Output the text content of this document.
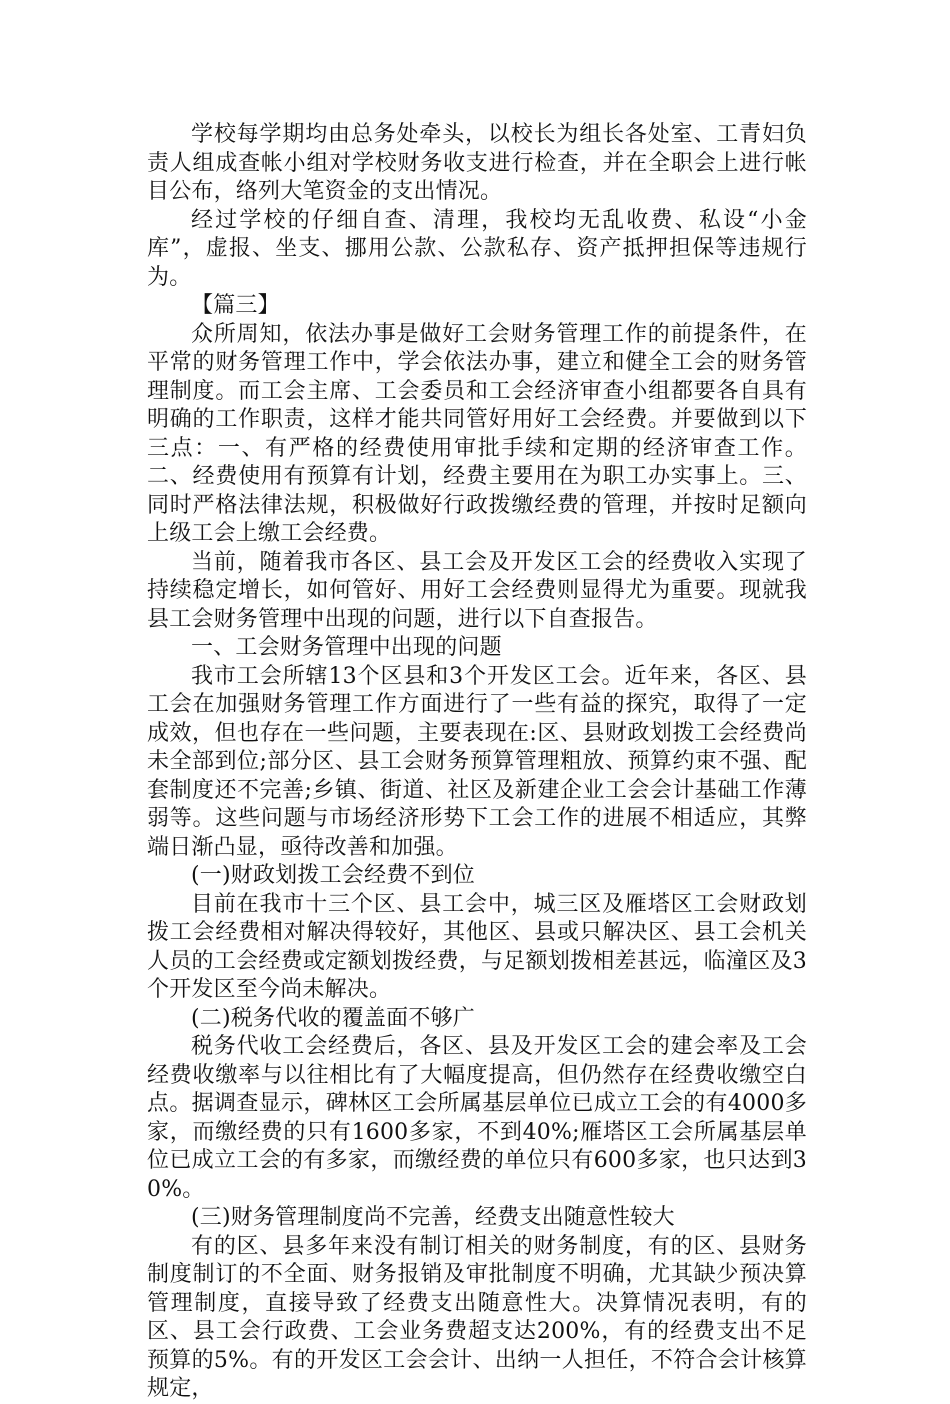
学校每学期均由总务处牵头，以校长为组长各处室、工青妇负责人组成查帐小组对学校财务收支进行检查，并在全职会上进行帐目公布，络列大笔资金的支出情况。

经过学校的仔细自查、清理，我校均无乱收费、私设“小金库”，虚报、坐支、挪用公款、公款私存、资产抵押担保等违规行为。

【篇三】

众所周知，依法办事是做好工会财务管理工作的前提条件，在平常的财务管理工作中，学会依法办事，建立和健全工会的财务管理制度。而工会主席、工会委员和工会经济审查小组都要各自具有明确的工作职责，这样才能共同管好用好工会经费。并要做到以下三点：一、有严格的经费使用审批手续和定期的经济审查工作。二、经费使用有预算有计划，经费主要用在为职工办实事上。三、同时严格法律法规，积极做好行政拨缴经费的管理，并按时足额向上级工会上缴工会经费。

当前，随着我市各区、县工会及开发区工会的经费收入实现了持续稳定增长，如何管好、用好工会经费则显得尤为重要。现就我县工会财务管理中出现的问题，进行以下自查报告。

一、工会财务管理中出现的问题

我市工会所辖13个区县和3个开发区工会。近年来，各区、县工会在加强财务管理工作方面进行了一些有益的探究，取得了一定成效，但也存在一些问题，主要表现在:区、县财政划拨工会经费尚未全部到位;部分区、县工会财务预算管理粗放、预算约束不强、配套制度还不完善;乡镇、街道、社区及新建企业工会会计基础工作薄弱等。这些问题与市场经济形势下工会工作的进展不相适应，其弊端日渐凸显，亟待改善和加强。

(一)财政划拨工会经费不到位

目前在我市十三个区、县工会中，城三区及雁塔区工会财政划拨工会经费相对解决得较好，其他区、县或只解决区、县工会机关人员的工会经费或定额划拨经费，与足额划拨相差甚远，临潼区及3个开发区至今尚未解决。

(二)税务代收的覆盖面不够广

税务代收工会经费后，各区、县及开发区工会的建会率及工会经费收缴率与以往相比有了大幅度提高，但仍然存在经费收缴空白点。据调查显示，碑林区工会所属基层单位已成立工会的有4000多家，而缴经费的只有1600多家，不到40%;雁塔区工会所属基层单位已成立工会的有多家，而缴经费的单位只有600多家，也只达到30%。

(三)财务管理制度尚不完善，经费支出随意性较大

有的区、县多年来没有制订相关的财务制度，有的区、县财务制度制订的不全面、财务报销及审批制度不明确，尤其缺少预决算管理制度，直接导致了经费支出随意性大。决算情况表明，有的区、县工会行政费、工会业务费超支达200%，有的经费支出不足预算的5%。有的开发区工会会计、出纳一人担任，不符合会计核算规定，
